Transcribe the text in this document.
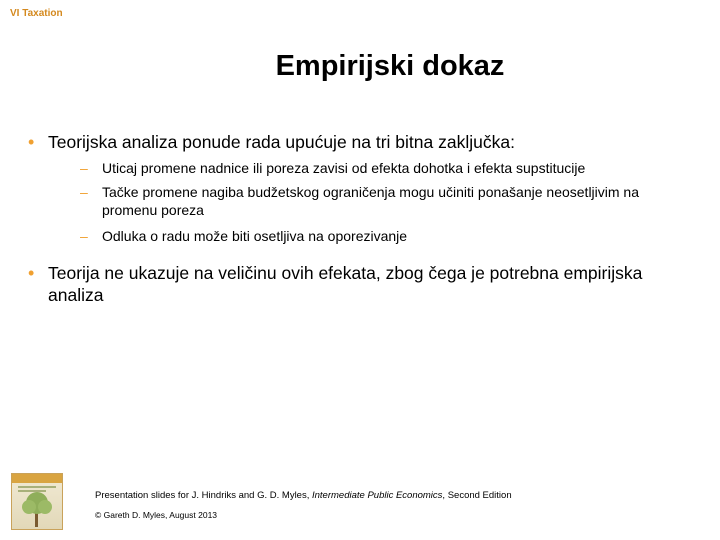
VI Taxation
Empirijski dokaz
• Teorijska analiza ponude rada upućuje na tri bitna zaključka:
– Uticaj promene nadnice ili poreza zavisi od efekta dohotka i efekta supstitucije
– Tačke promene nagiba budžetskog ograničenja mogu učiniti ponašanje neosetljivim na promenu poreza
– Odluka o radu može biti osetljiva na oporezivanje
• Teorija ne ukazuje na veličinu ovih efekata, zbog čega je potrebna empirijska analiza
Presentation slides for J. Hindriks and G. D. Myles, Intermediate Public Economics, Second Edition
© Gareth D. Myles, August 2013
